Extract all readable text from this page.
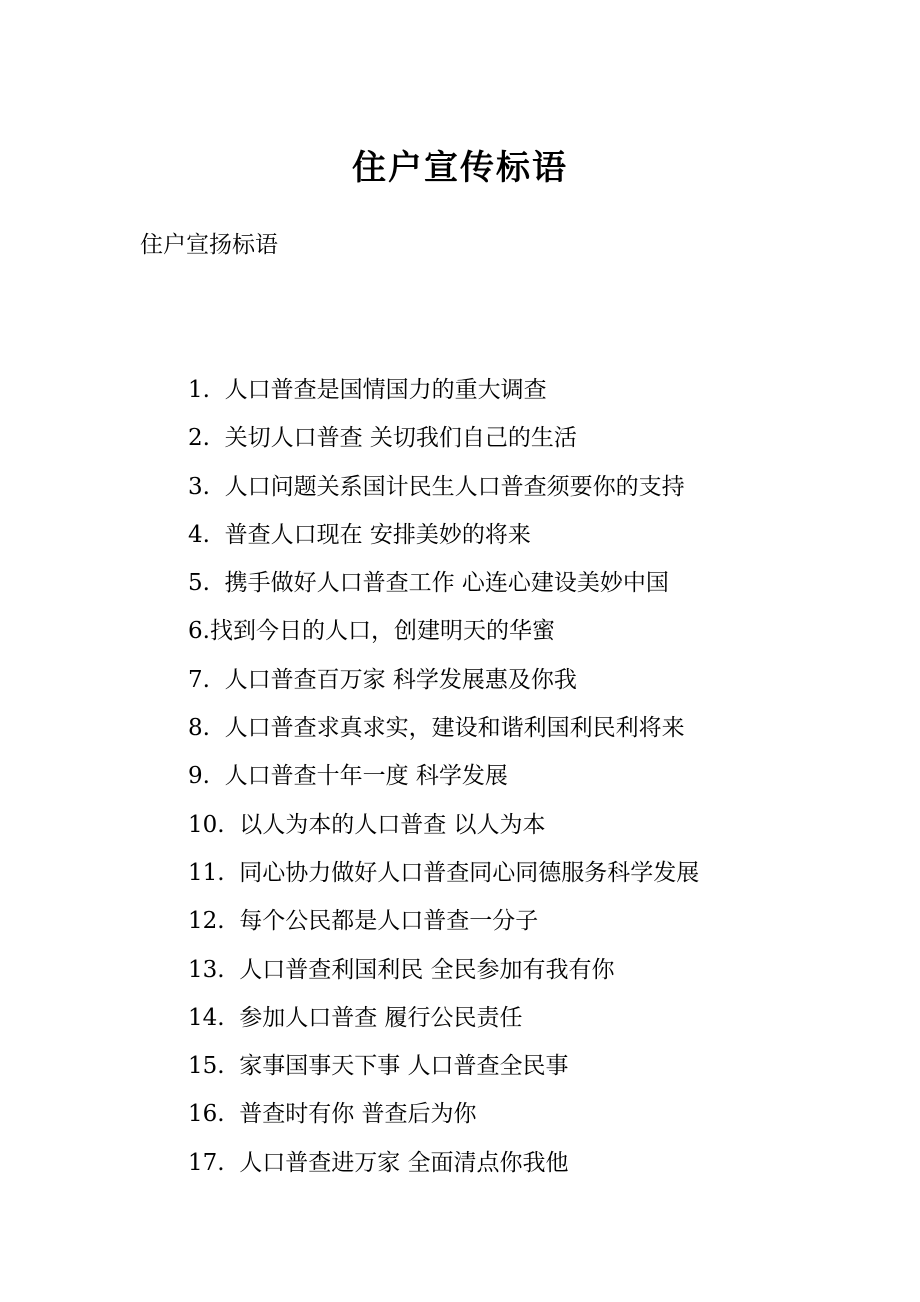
住户宣传标语
住户宣扬标语
1.  人口普查是国情国力的重大调查
2.  关切人口普查 关切我们自己的生活
3.  人口问题关系国计民生人口普查须要你的支持
4.  普查人口现在 安排美妙的将来
5.  携手做好人口普查工作 心连心建设美妙中国
6.找到今日的人口，创建明天的华蜜
7.  人口普查百万家 科学发展惠及你我
8.  人口普查求真求实，建设和谐利国利民利将来
9.  人口普查十年一度 科学发展
10.  以人为本的人口普查 以人为本
11.  同心协力做好人口普查同心同德服务科学发展
12.  每个公民都是人口普查一分子
13.  人口普查利国利民 全民参加有我有你
14.  参加人口普查 履行公民责任
15.  家事国事天下事 人口普查全民事
16.  普查时有你 普查后为你
17.  人口普查进万家 全面清点你我他
